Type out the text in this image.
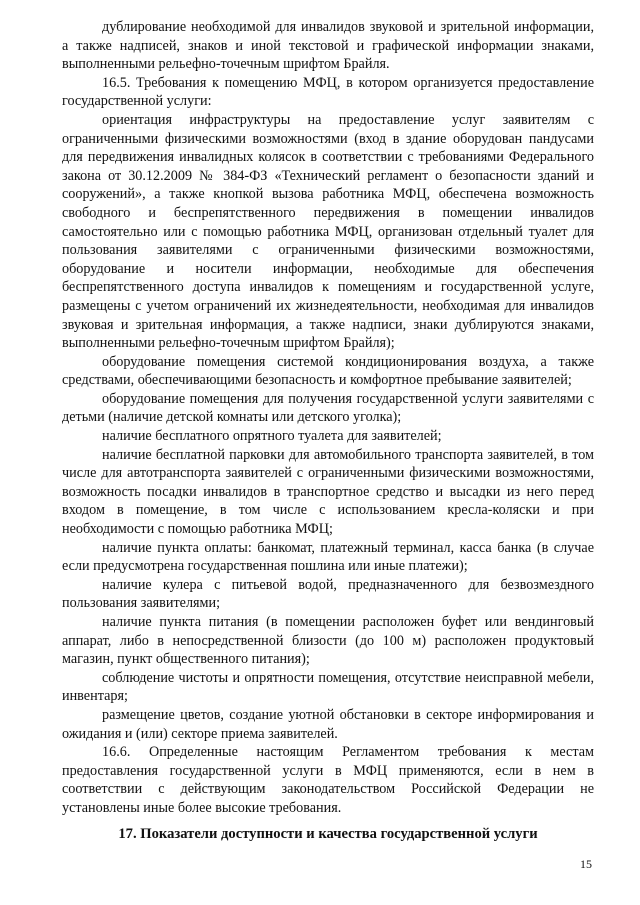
дублирование необходимой для инвалидов звуковой и зрительной информации, а также надписей, знаков и иной текстовой и графической информации знаками, выполненными рельефно-точечным шрифтом Брайля.

16.5. Требования к помещению МФЦ, в котором организуется предоставление государственной услуги:

ориентация инфраструктуры на предоставление услуг заявителям с ограниченными физическими возможностями (вход в здание оборудован пандусами для передвижения инвалидных колясок в соответствии с требованиями Федерального закона от 30.12.2009 № 384-ФЗ «Технический регламент о безопасности зданий и сооружений», а также кнопкой вызова работника МФЦ, обеспечена возможность свободного и беспрепятственного передвижения в помещении инвалидов самостоятельно или с помощью работника МФЦ, организован отдельный туалет для пользования заявителями с ограниченными физическими возможностями, оборудование и носители информации, необходимые для обеспечения беспрепятственного доступа инвалидов к помещениям и государственной услуге, размещены с учетом ограничений их жизнедеятельности, необходимая для инвалидов звуковая и зрительная информация, а также надписи, знаки дублируются знаками, выполненными рельефно-точечным шрифтом Брайля);

оборудование помещения системой кондиционирования воздуха, а также средствами, обеспечивающими безопасность и комфортное пребывание заявителей;

оборудование помещения для получения государственной услуги заявителями с детьми (наличие детской комнаты или детского уголка);

наличие бесплатного опрятного туалета для заявителей;

наличие бесплатной парковки для автомобильного транспорта заявителей, в том числе для автотранспорта заявителей с ограниченными физическими возможностями, возможность посадки инвалидов в транспортное средство и высадки из него перед входом в помещение, в том числе с использованием кресла-коляски и при необходимости с помощью работника МФЦ;

наличие пункта оплаты: банкомат, платежный терминал, касса банка (в случае если предусмотрена государственная пошлина или иные платежи);

наличие кулера с питьевой водой, предназначенного для безвозмездного пользования заявителями;

наличие пункта питания (в помещении расположен буфет или вендинговый аппарат, либо в непосредственной близости (до 100 м) расположен продуктовый магазин, пункт общественного питания);

соблюдение чистоты и опрятности помещения, отсутствие неисправной мебели, инвентаря;

размещение цветов, создание уютной обстановки в секторе информирования и ожидания и (или) секторе приема заявителей.

16.6. Определенные настоящим Регламентом требования к местам предоставления государственной услуги в МФЦ применяются, если в нем в соответствии с действующим законодательством Российской Федерации не установлены иные более высокие требования.

17. Показатели доступности и качества государственной услуги
15
